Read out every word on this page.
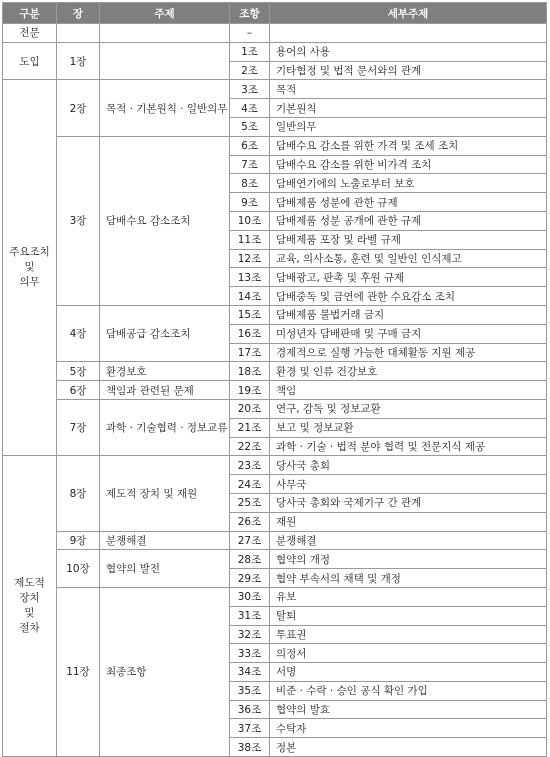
구분	장	주제	조항	세부주제
전문			–	
도입	1장		1조	용어의 사용
			2조	기타협정 및 법적 문서와의 관계

주요조치
및
의무	2장	목적 · 기본원칙 · 일반의무	3조	목적
			4조	기본원칙
			5조	일반의무
	3장	담배수요 감소조치	6조	담배수요 감소를 위한 가격 및 조세 조치
			7조	담배수요 감소를 위한 비가격 조치
			8조	담배연기에의 노출로부터 보호
			9조	담배제품 성분에 관한 규제
			10조	담배제품 성분 공개에 관한 규제
			11조	담배제품 포장 및 라벨 규제
			12조	교육, 의사소통, 훈련 및 일반인 인식제고
			13조	담배광고, 판촉 및 후원 규제
			14조	담배중독 및 금연에 관한 수요감소 조치
	4장	담배공급 감소조치	15조	담배제품 불법거래 금지
			16조	미성년자 담배판매 및 구매 금지
			17조	경제적으로 실행 가능한 대체활동 지원 제공
	5장	환경보호	18조	환경 및 인류 건강보호
	6장	책임과 관련된 문제	19조	책임
	7장	과학 · 기술협력 · 정보교류	20조	연구, 감독 및 정보교환
			21조	보고 및 정보교환
			22조	과학 · 기술 · 법적 분야 협력 및 전문지식 제공

제도적
장치
및
절차	8장	제도적 장치 및 재원	23조	당사국 총회
			24조	사무국
			25조	당사국 총회와 국제기구 간 관계
			26조	재원
	9장	분쟁해결	27조	분쟁해결
	10장	협약의 발전	28조	협약의 개정
			29조	협약 부속서의 채택 및 개정
	11장	최종조항	30조	유보
			31조	탈퇴
			32조	투표권
			33조	의정서
			34조	서명
			35조	비준 · 수락 · 승인 공식 확인 가입
			36조	협약의 발효
			37조	수탁자
			38조	정본
